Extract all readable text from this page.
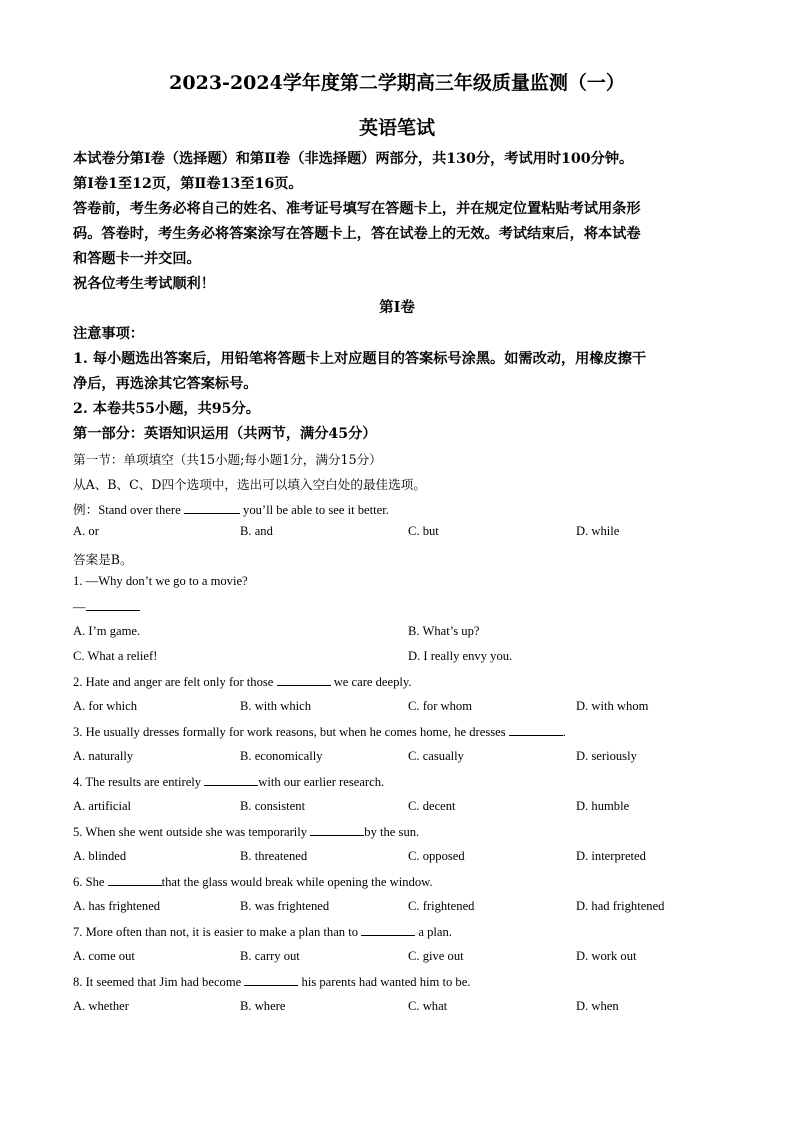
2023-2024学年度第二学期高三年级质量监测（一）
英语笔试
本试卷分第Ⅰ卷（选择题）和第Ⅱ卷（非选择题）两部分，共130分，考试用时100分钟。
第Ⅰ卷1至12页，第Ⅱ卷13至16页。
答卷前，考生务必将自己的姓名、准考证号填写在答题卡上，并在规定位置粘贴考试用条形
码。答卷时，考生务必将答案涂写在答题卡上，答在试卷上的无效。考试结束后，将本试卷
和答题卡一并交回。
祝各位考生考试顺利！
第Ⅰ卷
注意事项：
1. 每小题选出答案后，用铅笔将答题卡上对应题目的答案标号涂黑。如需改动，用橡皮擦干
净后，再选涂其它答案标号。
2. 本卷共55小题，共95分。
第一部分：英语知识运用（共两节，满分45分）
第一节：单项填空（共15小题;每小题1分，满分15分）
从A、B、C、D四个选项中，选出可以填入空白处的最佳选项。
例：Stand over there	you’ll be able to see it better.
A. or	B. and	C. but	D. while
答案是B。
1. —Why don’t we go to a movie?
—
A. I’m game.	B. What’s up?
C. What a relief!	D. I really envy you.
2. Hate and anger are felt only for those	we care deeply.
A. for which	B. with which	C. for whom	D. with whom
3. He usually dresses formally for work reasons, but when he comes home, he dresses	.
A. naturally	B. economically	C. casually	D. seriously
4. The results are entirely	with our earlier research.
A. artificial	B. consistent	C. decent	D. humble
5. When she went outside she was temporarily	by the sun.
A. blinded	B. threatened	C. opposed	D. interpreted
6. She	that the glass would break while opening the window.
A. has frightened	B. was frightened	C. frightened	D. had frightened
7. More often than not, it is easier to make a plan than to	a plan.
A. come out	B. carry out	C. give out	D. work out
8. It seemed that Jim had become	his parents had wanted him to be.
A. whether	B. where	C. what	D. when
